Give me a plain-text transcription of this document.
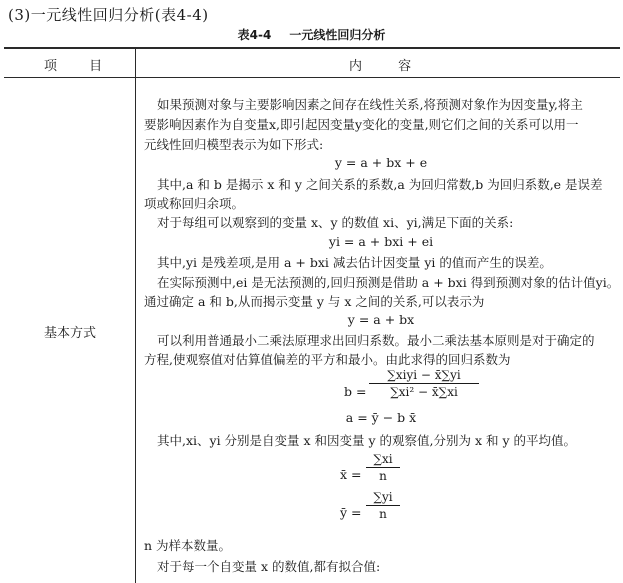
(3)一元线性回归分析(表4-4)
表4-4 一元线性回归分析
项 目	内 容
基本方式
如果预测对象与主要影响因素之间存在线性关系,将预测对象作为因变量y,将主
要影响因素作为自变量x,即引起因变量y变化的变量,则它们之间的关系可以用一
元线性回归模型表示为如下形式:
y = a + bx + e
其中,a 和 b 是揭示 x 和 y 之间关系的系数,a 为回归常数,b 为回归系数,e 是误差
项或称回归余项。
对于每组可以观察到的变量 x、y 的数值 xi、yi,满足下面的关系:
yi = a + bxi + ei
其中,yi 是残差项,是用 a + bxi 减去估计因变量 yi 的值而产生的误差。
在实际预测中,ei 是无法预测的,回归预测是借助 a + bxi 得到预测对象的估计值yi。
通过确定 a 和 b,从而揭示变量 y 与 x 之间的关系,可以表示为
y = a + bx
可以利用普通最小二乘法原理求出回归系数。最小二乘法基本原则是对于确定的
方程,使观察值对估算值偏差的平方和最小。由此求得的回归系数为
b =
∑xiyi − x̄∑yi
∑xi² − x̄∑xi
a = ȳ − b x̄
其中,xi、yi 分别是自变量 x 和因变量 y 的观察值,分别为 x 和 y 的平均值。
x̄ =
∑xi
n
ȳ =
∑yi
n
n 为样本数量。
对于每一个自变量 x 的数值,都有拟合值:
